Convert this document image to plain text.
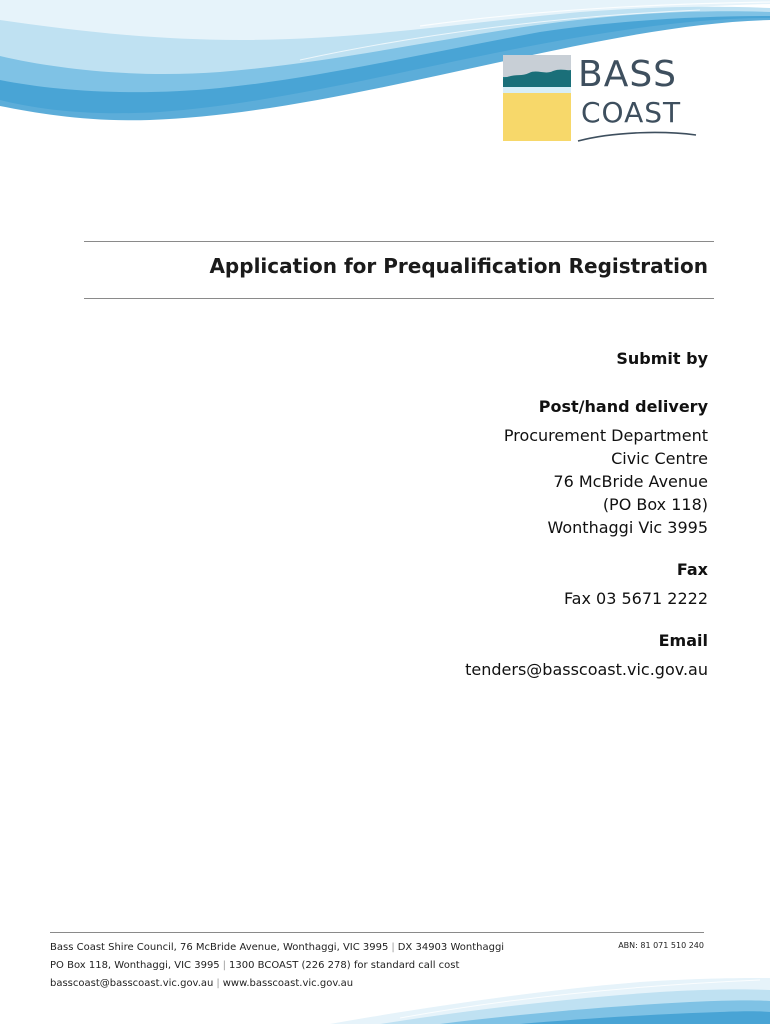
BASS
COAST
Application for Prequalification Registration

Submit by

Post/hand delivery

Procurement Department

Civic Centre

76 McBride Avenue

(PO Box 118)

Wonthaggi Vic 3995

Fax

Fax 03 5671 2222

Email

tenders@basscoast.vic.gov.au

Bass Coast Shire Council, 76 McBride Avenue, Wonthaggi, VIC 3995 | DX 34903 Wonthaggi
PO Box 118, Wonthaggi, VIC 3995 | 1300 BCOAST (226 278) for standard call cost
basscoast@basscoast.vic.gov.au | www.basscoast.vic.gov.au
ABN: 81 071 510 240
